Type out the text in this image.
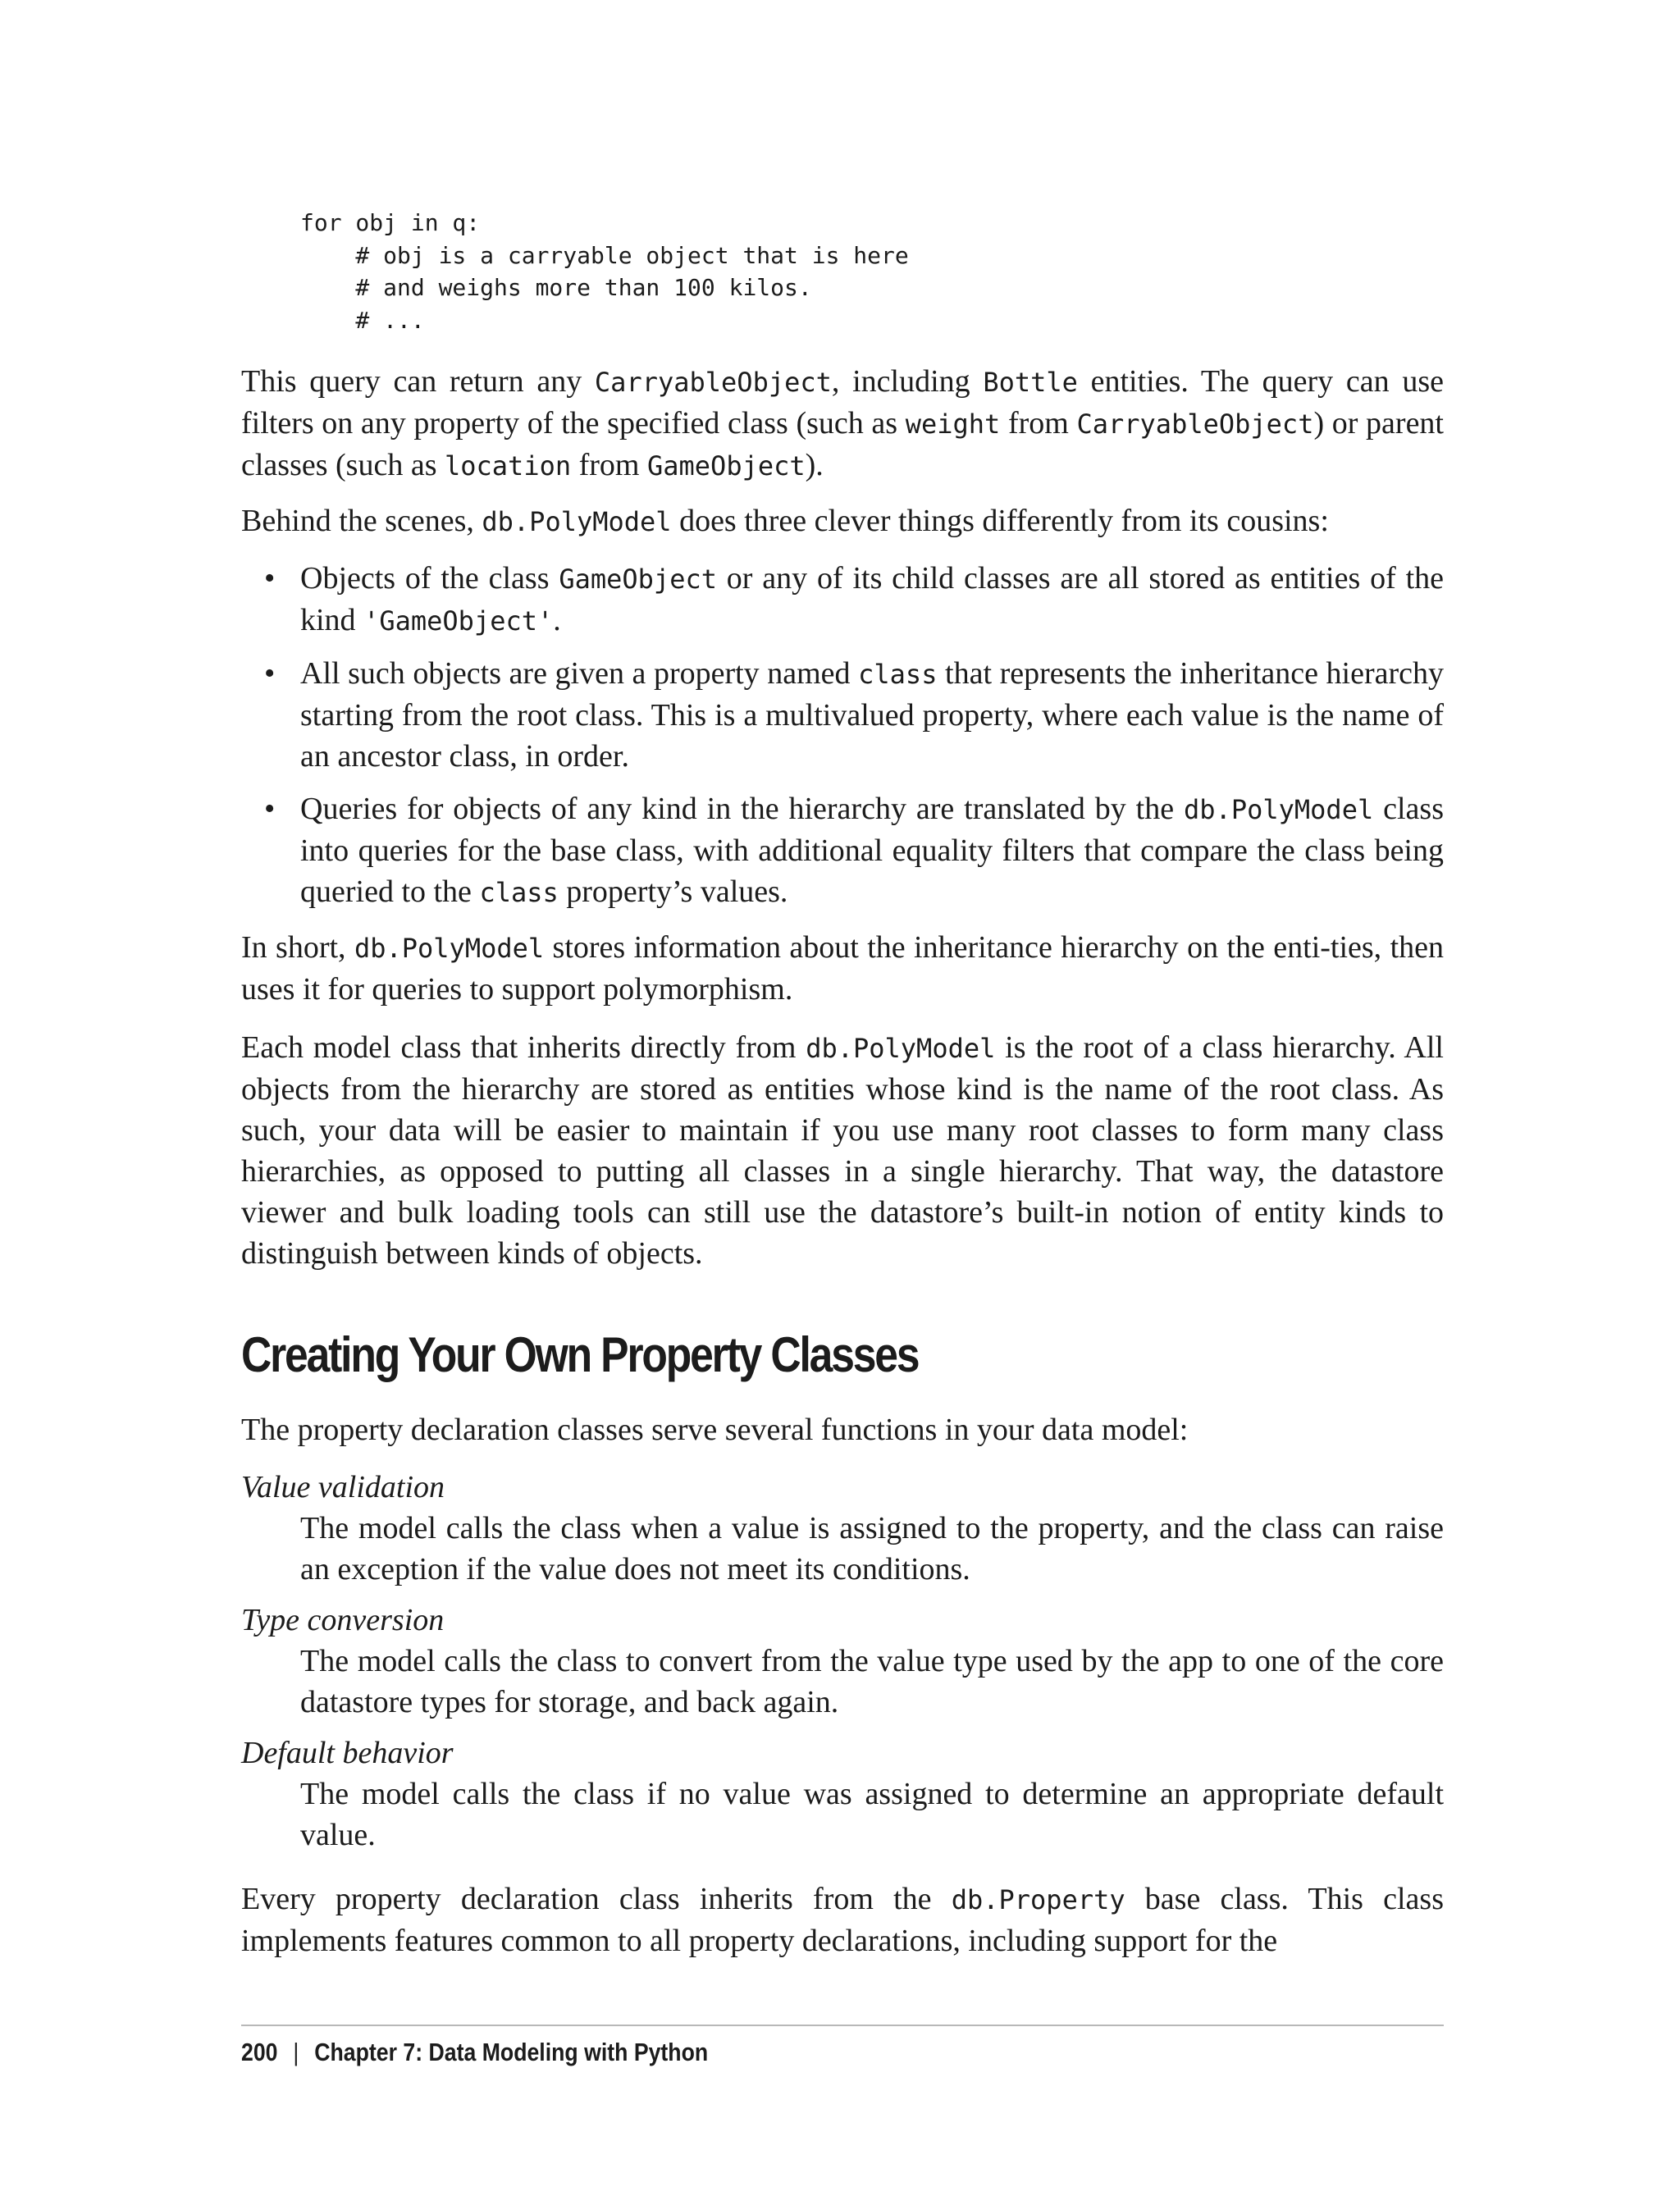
for obj in q:
# obj is a carryable object that is here
# and weighs more than 100 kilos.
# ...

This query can return any CarryableObject, including Bottle entities. The query can use filters on any property of the specified class (such as weight from CarryableObject) or parent classes (such as location from GameObject).

Behind the scenes, db.PolyModel does three clever things differently from its cousins:

• Objects of the class GameObject or any of its child classes are all stored as entities of the kind 'GameObject'.
• All such objects are given a property named class that represents the inheritance hierarchy starting from the root class. This is a multivalued property, where each value is the name of an ancestor class, in order.
• Queries for objects of any kind in the hierarchy are translated by the db.PolyModel class into queries for the base class, with additional equality filters that compare the class being queried to the class property’s values.

In short, db.PolyModel stores information about the inheritance hierarchy on the enti-ties, then uses it for queries to support polymorphism.

Each model class that inherits directly from db.PolyModel is the root of a class hierarchy. All objects from the hierarchy are stored as entities whose kind is the name of the root class. As such, your data will be easier to maintain if you use many root classes to form many class hierarchies, as opposed to putting all classes in a single hierarchy. That way, the datastore viewer and bulk loading tools can still use the datastore’s built-in notion of entity kinds to distinguish between kinds of objects.

Creating Your Own Property Classes

The property declaration classes serve several functions in your data model:

Value validation
The model calls the class when a value is assigned to the property, and the class can raise an exception if the value does not meet its conditions.
Type conversion
The model calls the class to convert from the value type used by the app to one of the core datastore types for storage, and back again.
Default behavior
The model calls the class if no value was assigned to determine an appropriate default value.

Every property declaration class inherits from the db.Property base class. This class implements features common to all property declarations, including support for the

200 | Chapter 7: Data Modeling with Python
